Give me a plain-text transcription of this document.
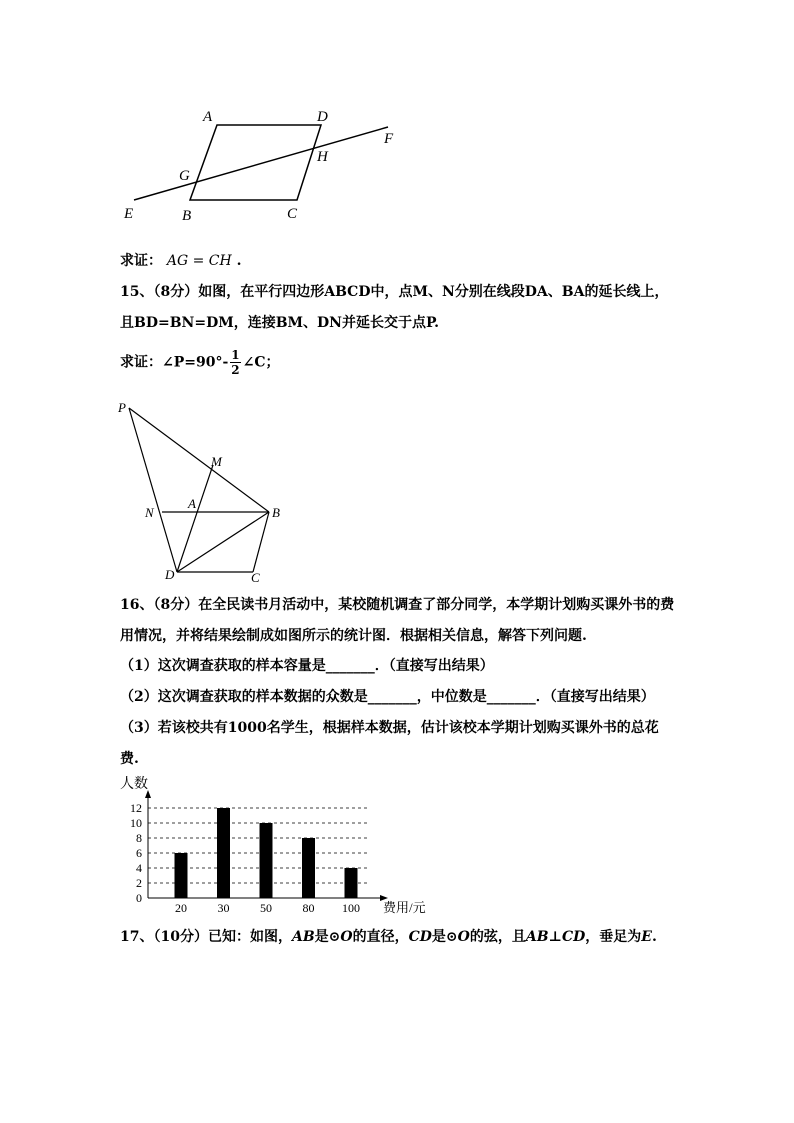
A	D
F
H
G
E	B	C
求证： AG = CH .
15、（8分）如图，在平行四边形ABCD中，点M、N分别在线段DA、BA的延长线上，
且BD=BN=DM，连接BM、DN并延长交于点P.
求证：∠P=90°- $\frac{1}{2}$ ∠C；
P
M
A
N	B
D	C
16、（8分）在全民读书月活动中，某校随机调查了部分同学，本学期计划购买课外书的费
用情况，并将结果绘制成如图所示的统计图．根据相关信息，解答下列问题.
（1）这次调查获取的样本容量是_______．（直接写出结果）
（2）这次调查获取的样本数据的众数是_______，中位数是_______．（直接写出结果）
（3）若该校共有1000名学生，根据样本数据，估计该校本学期计划购买课外书的总花
费.
0
2
4
6
8
10
12
20	30	50	80 100
人数
费用/元
17、（10分）已知：如图，AB是⊙O的直径，CD是⊙O的弦，且AB⊥CD，垂足为E.
